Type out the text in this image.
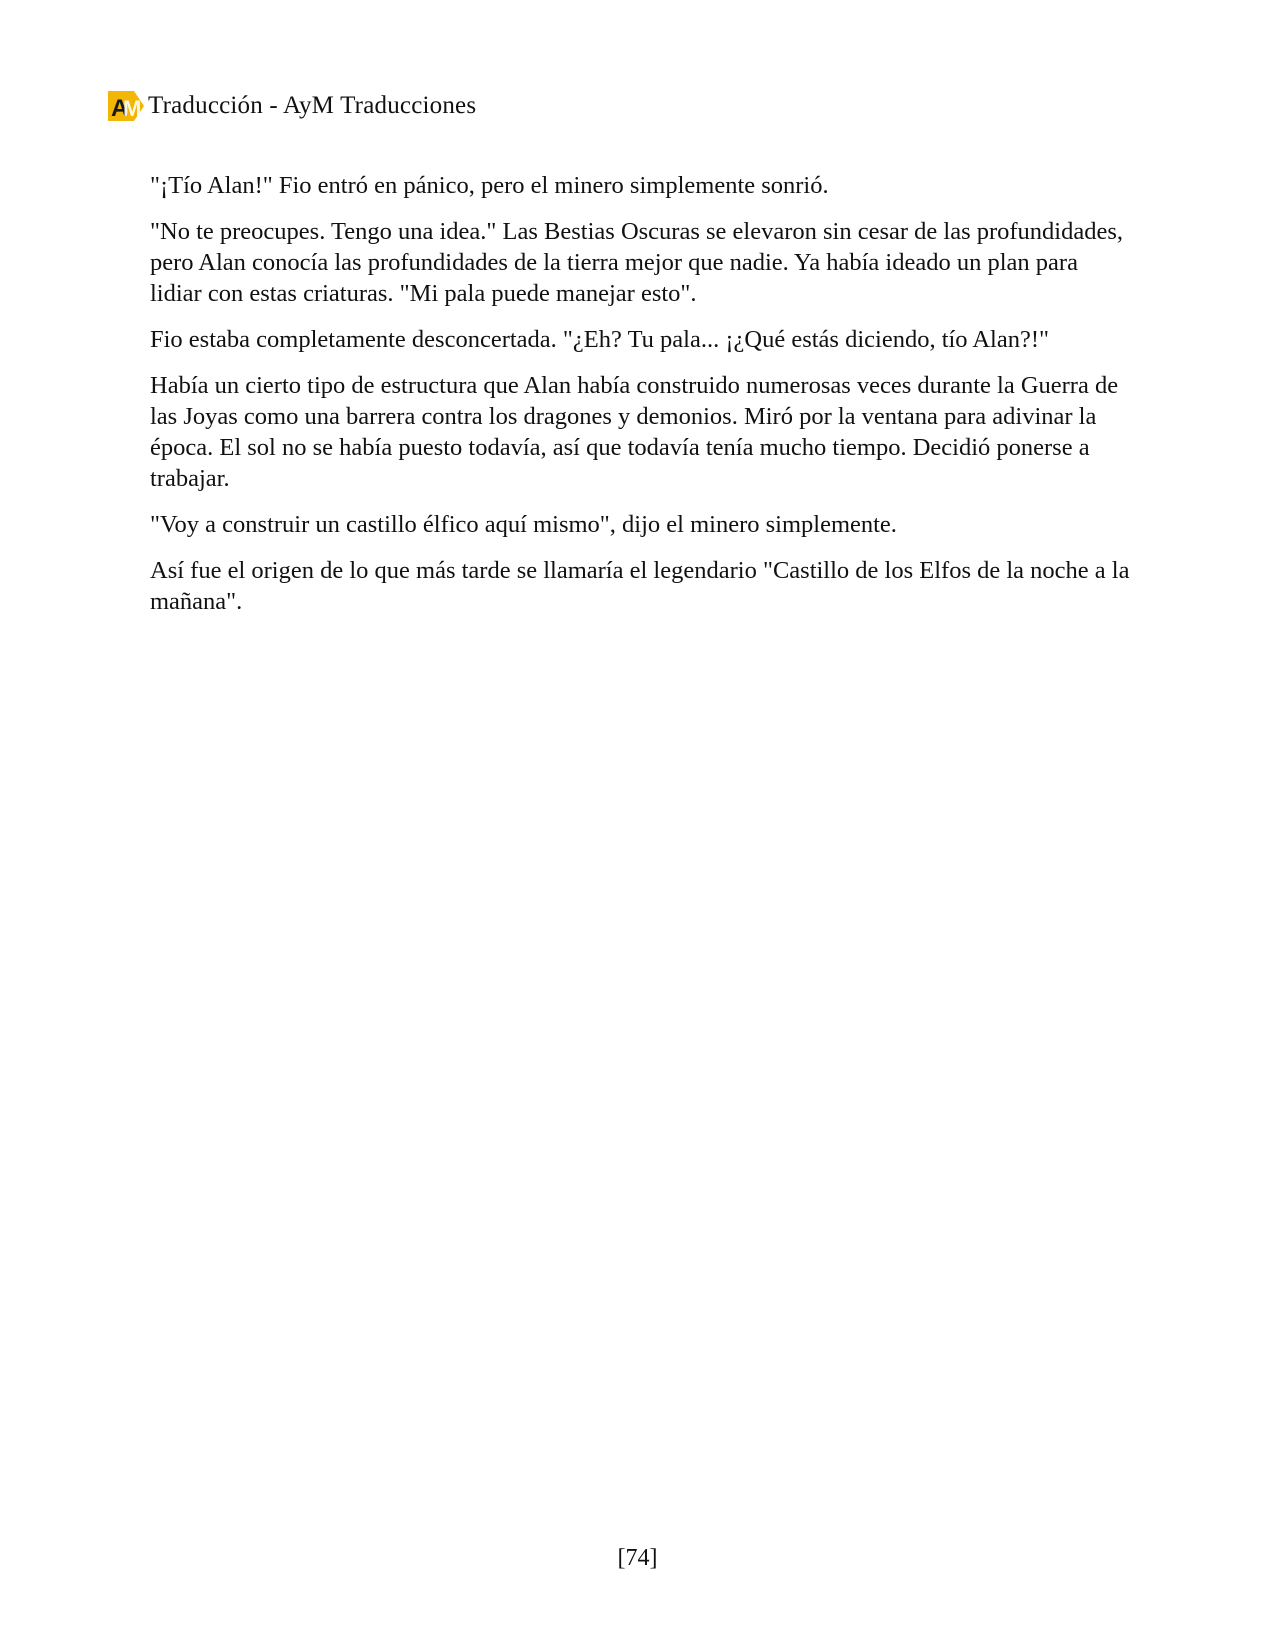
A
M Traducción - AyM Traducciones

"¡Tío Alan!" Fio entró en pánico, pero el minero simplemente sonrió.

"No te preocupes. Tengo una idea." Las Bestias Oscuras se elevaron sin cesar de las profundidades, pero Alan conocía las profundidades de la tierra mejor que nadie. Ya había ideado un plan para lidiar con estas criaturas. "Mi pala puede manejar esto".

Fio estaba completamente desconcertada. "¿Eh? Tu pala... ¡¿Qué estás diciendo, tío Alan?!"

Había un cierto tipo de estructura que Alan había construido numerosas veces durante la Guerra de las Joyas como una barrera contra los dragones y demonios. Miró por la ventana para adivinar la época. El sol no se había puesto todavía, así que todavía tenía mucho tiempo. Decidió ponerse a trabajar.

"Voy a construir un castillo élfico aquí mismo", dijo el minero simplemente.

Así fue el origen de lo que más tarde se llamaría el legendario "Castillo de los Elfos de la noche a la mañana".

[74]
